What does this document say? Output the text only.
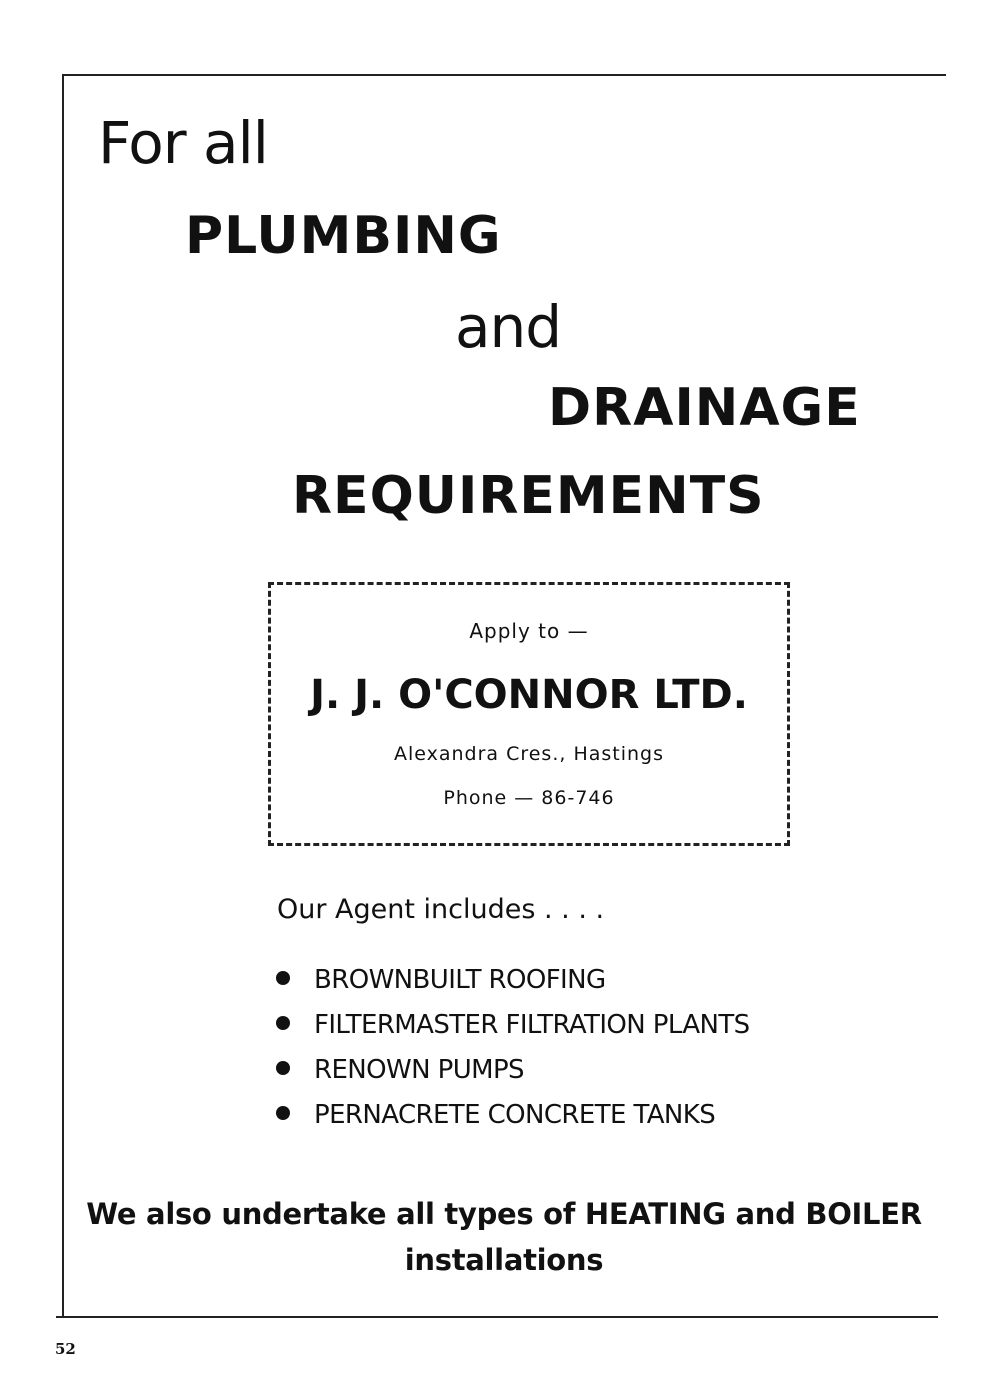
For all

PLUMBING

and

DRAINAGE

REQUIREMENTS

Apply to —

J. J. O'CONNOR LTD.

Alexandra Cres., Hastings

Phone — 86-746

Our Agent includes . . . .

BROWNBUILT ROOFING
FILTERMASTER FILTRATION PLANTS
RENOWN PUMPS
PERNACRETE CONCRETE TANKS

We also undertake all types of HEATING and BOILER

installations

52
